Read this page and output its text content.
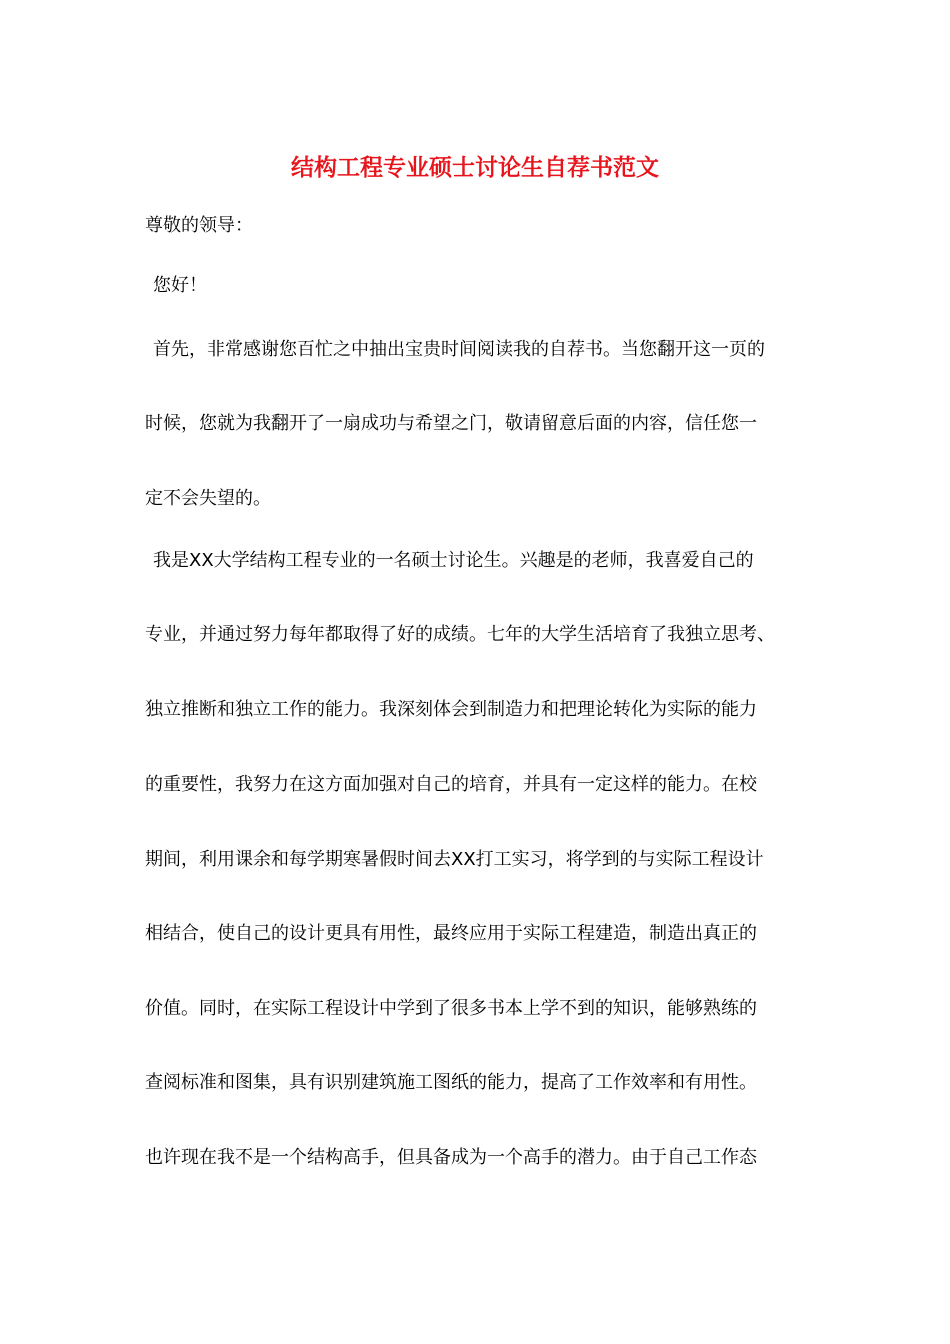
结构工程专业硕士讨论生自荐书范文
尊敬的领导：
您好！
首先，非常感谢您百忙之中抽出宝贵时间阅读我的自荐书。当您翻开这一页的
时候，您就为我翻开了一扇成功与希望之门，敬请留意后面的内容，信任您一
定不会失望的。
我是XX大学结构工程专业的一名硕士讨论生。兴趣是的老师，我喜爱自己的
专业，并通过努力每年都取得了好的成绩。七年的大学生活培育了我独立思考、
独立推断和独立工作的能力。我深刻体会到制造力和把理论转化为实际的能力
的重要性，我努力在这方面加强对自己的培育，并具有一定这样的能力。在校
期间，利用课余和每学期寒暑假时间去XX打工实习，将学到的与实际工程设计
相结合，使自己的设计更具有用性，最终应用于实际工程建造，制造出真正的
价值。同时，在实际工程设计中学到了很多书本上学不到的知识，能够熟练的
查阅标准和图集，具有识别建筑施工图纸的能力，提高了工作效率和有用性。
也许现在我不是一个结构高手，但具备成为一个高手的潜力。由于自己工作态
